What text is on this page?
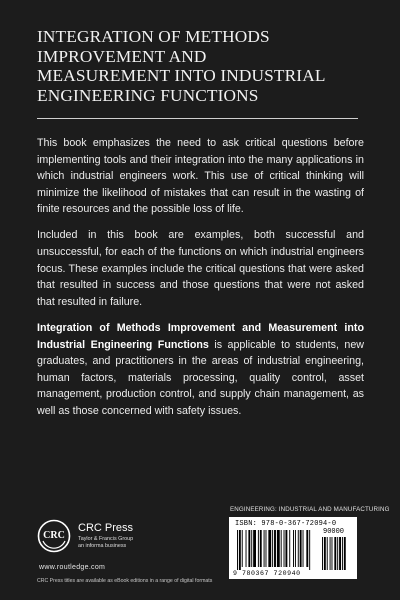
INTEGRATION OF METHODS
IMPROVEMENT AND
MEASUREMENT INTO INDUSTRIAL
ENGINEERING FUNCTIONS

This book emphasizes the need to ask critical questions before implementing tools and their integration into the many applications in which industrial engineers work. This use of critical thinking will minimize the likelihood of mistakes that can result in the wasting of finite resources and the possible loss of life.

Included in this book are examples, both successful and unsuccessful, for each of the functions on which industrial engineers focus. These examples include the critical questions that were asked that resulted in success and those questions that were not asked that resulted in failure.

Integration of Methods Improvement and Measurement into Industrial Engineering Functions is applicable to students, new graduates, and practitioners in the areas of industrial engineering, human factors, materials processing, quality control, asset management, production control, and supply chain management, as well as those concerned with safety issues.

ENGINEERING: INDUSTRIAL AND MANUFACTURING
CRC
CRC Press
Taylor & Francis Group
an informa business
www.routledge.com
CRC Press titles are available as eBook editions in a range of digital formats
ISBN: 978-0-367-72094-0
90000
9 780367 720940
